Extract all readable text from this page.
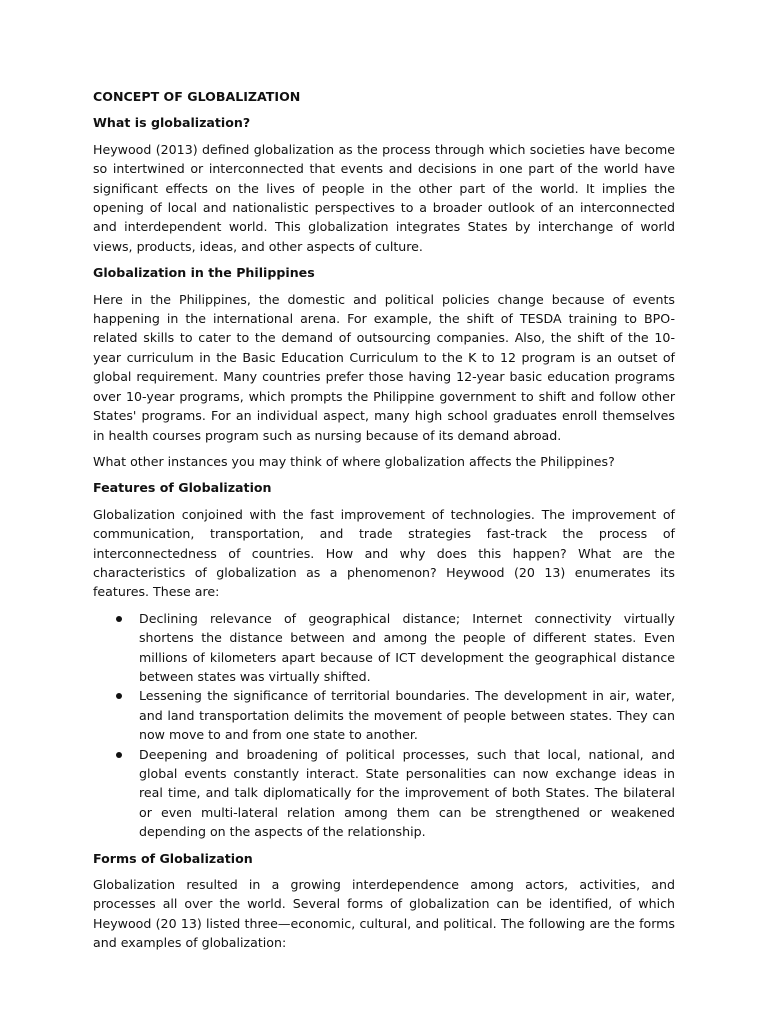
CONCEPT OF GLOBALIZATION
What is globalization?

Heywood (2013) defined globalization as the process through which societies have become so intertwined or interconnected that events and decisions in one part of the world have significant effects on the lives of people in the other part of the world. It implies the opening of local and nationalistic perspectives to a broader outlook of an interconnected and interdependent world. This globalization integrates States by interchange of world views, products, ideas, and other aspects of culture.

Globalization in the Philippines

Here in the Philippines, the domestic and political policies change because of events happening in the international arena. For example, the shift of TESDA training to BPO-related skills to cater to the demand of outsourcing companies. Also, the shift of the 10-year curriculum in the Basic Education Curriculum to the K to 12 program is an outset of global requirement. Many countries prefer those having 12-year basic education programs over 10-year programs, which prompts the Philippine government to shift and follow other States' programs. For an individual aspect, many high school graduates enroll themselves in health courses program such as nursing because of its demand abroad.

What other instances you may think of where globalization affects the Philippines?

Features of Globalization

Globalization conjoined with the fast improvement of technologies. The improvement of communication, transportation, and trade strategies fast-track the process of interconnectedness of countries. How and why does this happen? What are the characteristics of globalization as a phenomenon? Heywood (20 13) enumerates its features. These are:

Declining relevance of geographical distance; Internet connectivity virtually shortens the distance between and among the people of different states. Even millions of kilometers apart because of ICT development the geographical distance between states was virtually shifted.
Lessening the significance of territorial boundaries. The development in air, water, and land transportation delimits the movement of people between states. They can now move to and from one state to another.
Deepening and broadening of political processes, such that local, national, and global events constantly interact. State personalities can now exchange ideas in real time, and talk diplomatically for the improvement of both States. The bilateral or even multi-lateral relation among them can be strengthened or weakened depending on the aspects of the relationship.
Forms of Globalization

Globalization resulted in a growing interdependence among actors, activities, and processes all over the world. Several forms of globalization can be identified, of which Heywood (20 13) listed three—economic, cultural, and political. The following are the forms and examples of globalization:
